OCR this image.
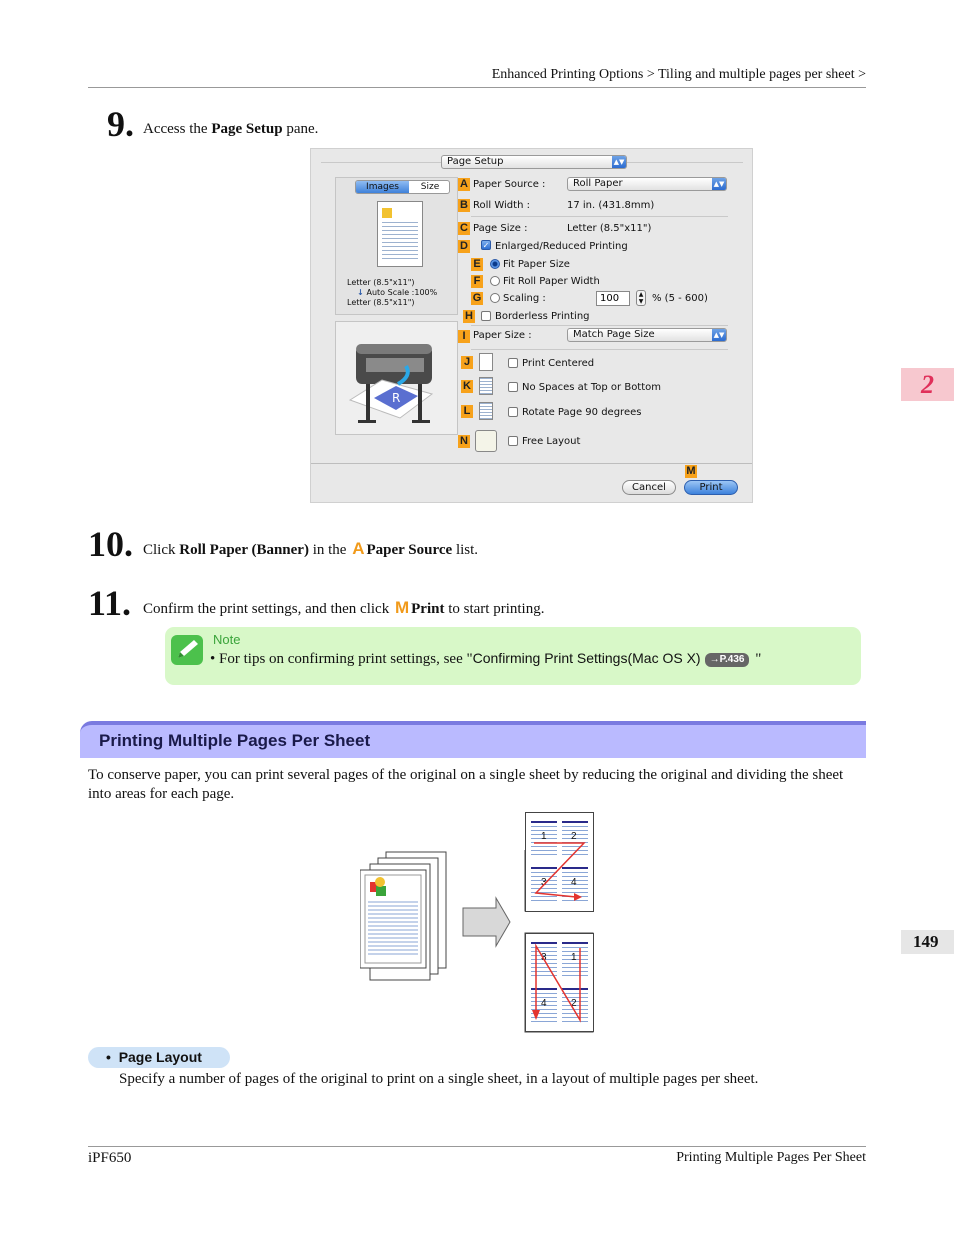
Enhanced Printing Options > Tiling and multiple pages per sheet >
2
149
9. Access the Page Setup pane.
Page Setup	▲▼
Images	Size
Letter (8.5"x11")
↓ Auto Scale :100%
Letter (8.5"x11")
R
A Paper Source :	Roll Paper	▲▼
B Roll Width :	17 in. (431.8mm)
C Page Size :	Letter (8.5"x11")
D ✓ Enlarged/Reduced Printing
E Fit Paper Size
F Fit Roll Paper Width
G Scaling :
100	▲
▼ % (5 - 600)
H Borderless Printing
I Paper Size :	Match Page Size	▲▼
J	Print Centered
K	No Spaces at Top or Bottom
L	Rotate Page 90 degrees
N	Free Layout
M
Cancel	Print
10. Click Roll Paper (Banner) in the A Paper Source list.
11. Confirm the print settings, and then click M Print to start printing.
Note
• For tips on confirming print settings, see "Confirming Print Settings(Mac OS X) →P.436 "
Printing Multiple Pages Per Sheet
To conserve paper, you can print several pages of the original on a single sheet by reducing the original and dividing the sheet into areas for each page.
1 2
3 4
3 1
4 2
• Page Layout
Specify a number of pages of the original to print on a single sheet, in a layout of multiple pages per sheet.
iPF650	Printing Multiple Pages Per Sheet
